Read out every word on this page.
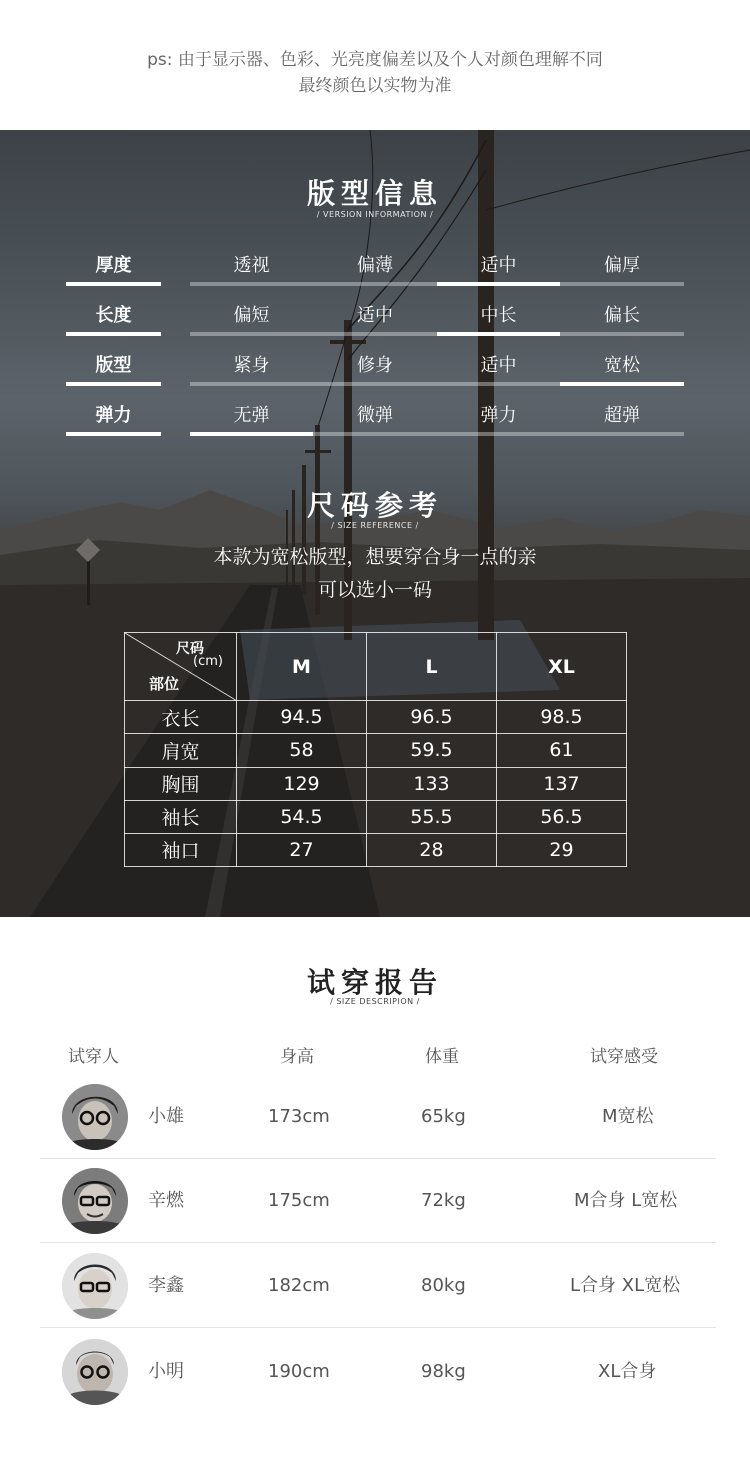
ps: 由于显示器、色彩、光亮度偏差以及个人对颜色理解不同
最终颜色以实物为准
版型信息
/ VERSION INFORMATION /
厚度	透视	偏薄	适中	偏厚
长度	偏短	适中	中长	偏长
版型	紧身	修身	适中	宽松
弹力	无弹	微弹	弹力	超弹
尺码参考
/ SIZE REFERENCE /
本款为宽松版型，想要穿合身一点的亲
可以选小一码
尺码
(cm)
部位	M	L	XL
衣长	94.5	96.5	98.5
肩宽	58	59.5	61
胸围	129	133	137
袖长	54.5	55.5	56.5
袖口	27	28	29
试穿报告
/ SIZE DESCRIPION /
试穿人	身高	体重	试穿感受
小雄	173cm	65kg	M宽松
辛燃	175cm	72kg	M合身 L宽松
李鑫	182cm	80kg	L合身 XL宽松
小明	190cm	98kg	XL合身
